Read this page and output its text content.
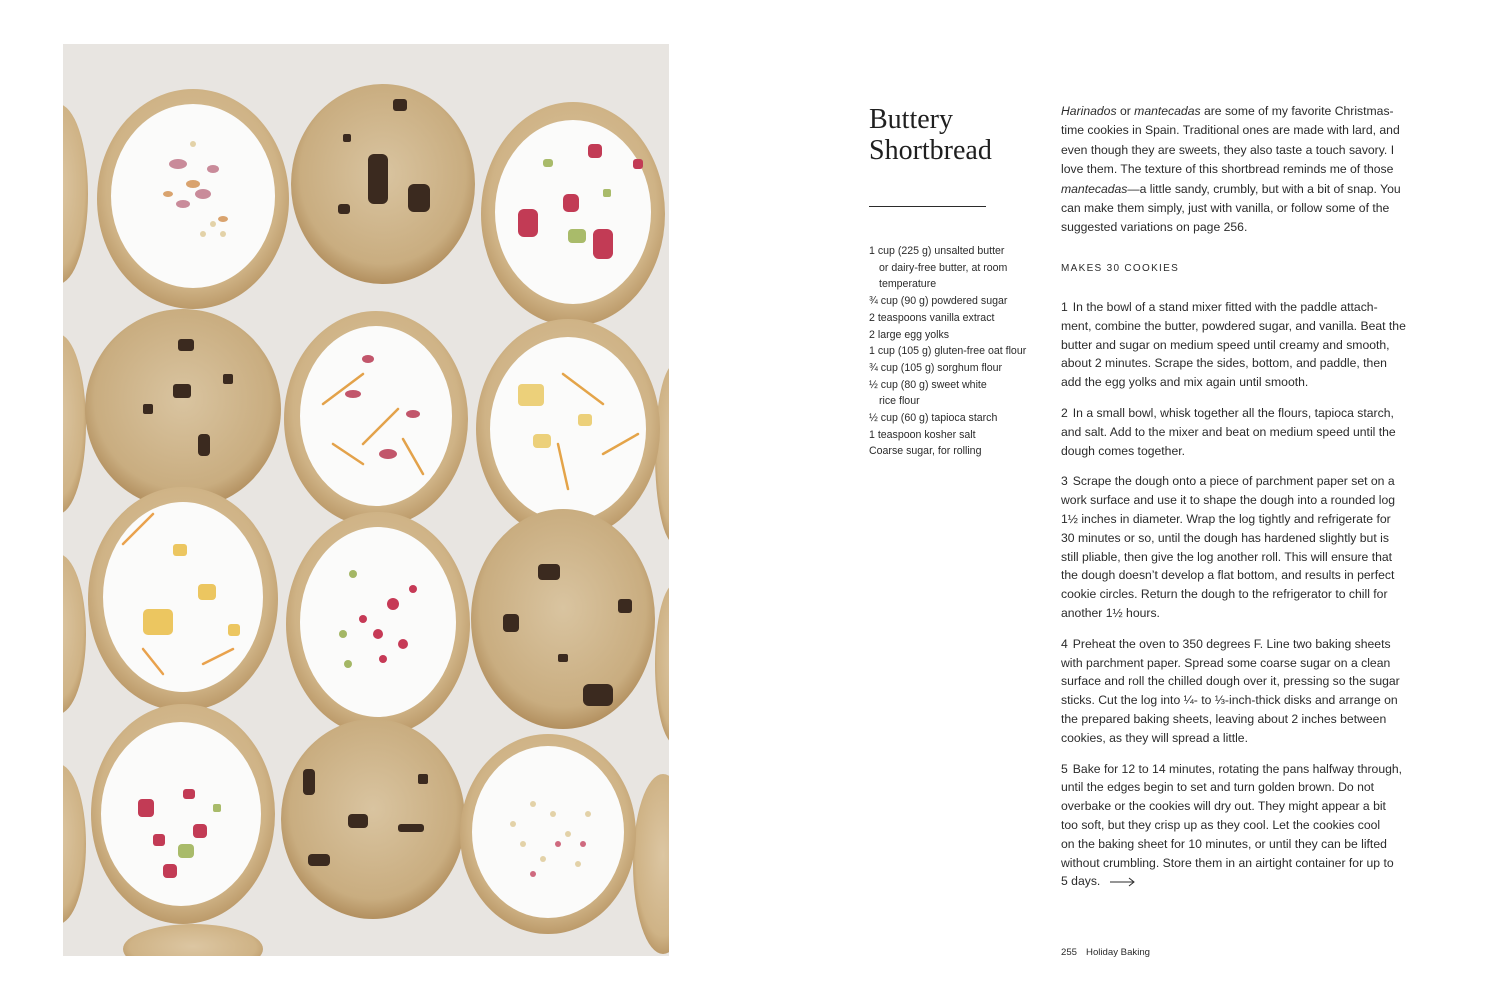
Buttery
Shortbread
1 cup (225 g) unsalted butter
or dairy-free butter, at room
temperature
¾ cup (90 g) powdered sugar
2 teaspoons vanilla extract
2 large egg yolks
1 cup (105 g) gluten-free oat flour
¾ cup (105 g) sorghum flour
½ cup (80 g) sweet white
rice flour
½ cup (60 g) tapioca starch
1 teaspoon kosher salt
Coarse sugar, for rolling

Harinados or mantecadas are some of my favorite Christmas-
time cookies in Spain. Traditional ones are made with lard, and
even though they are sweets, they also taste a touch savory. I
love them. The texture of this shortbread reminds me of those
mantecadas—a little sandy, crumbly, but with a bit of snap. You
can make them simply, just with vanilla, or follow some of the
suggested variations on page 256.

MAKES 30 COOKIES
1 In the bowl of a stand mixer fitted with the paddle attach-
ment, combine the butter, powdered sugar, and vanilla. Beat the
butter and sugar on medium speed until creamy and smooth,
about 2 minutes. Scrape the sides, bottom, and paddle, then
add the egg yolks and mix again until smooth.
2 In a small bowl, whisk together all the flours, tapioca starch,
and salt. Add to the mixer and beat on medium speed until the
dough comes together.
3 Scrape the dough onto a piece of parchment paper set on a
work surface and use it to shape the dough into a rounded log
1½ inches in diameter. Wrap the log tightly and refrigerate for
30 minutes or so, until the dough has hardened slightly but is
still pliable, then give the log another roll. This will ensure that
the dough doesn’t develop a flat bottom, and results in perfect
cookie circles. Return the dough to the refrigerator to chill for
another 1½ hours.
4 Preheat the oven to 350 degrees F. Line two baking sheets
with parchment paper. Spread some coarse sugar on a clean
surface and roll the chilled dough over it, pressing so the sugar
sticks. Cut the log into ¼- to ⅓-inch-thick disks and arrange on
the prepared baking sheets, leaving about 2 inches between
cookies, as they will spread a little.
5 Bake for 12 to 14 minutes, rotating the pans halfway through,
until the edges begin to set and turn golden brown. Do not
overbake or the cookies will dry out. They might appear a bit
too soft, but they crisp up as they cool. Let the cookies cool
on the baking sheet for 10 minutes, or until they can be lifted
without crumbling. Store them in an airtight container for up to
5 days.
255 Holiday Baking
